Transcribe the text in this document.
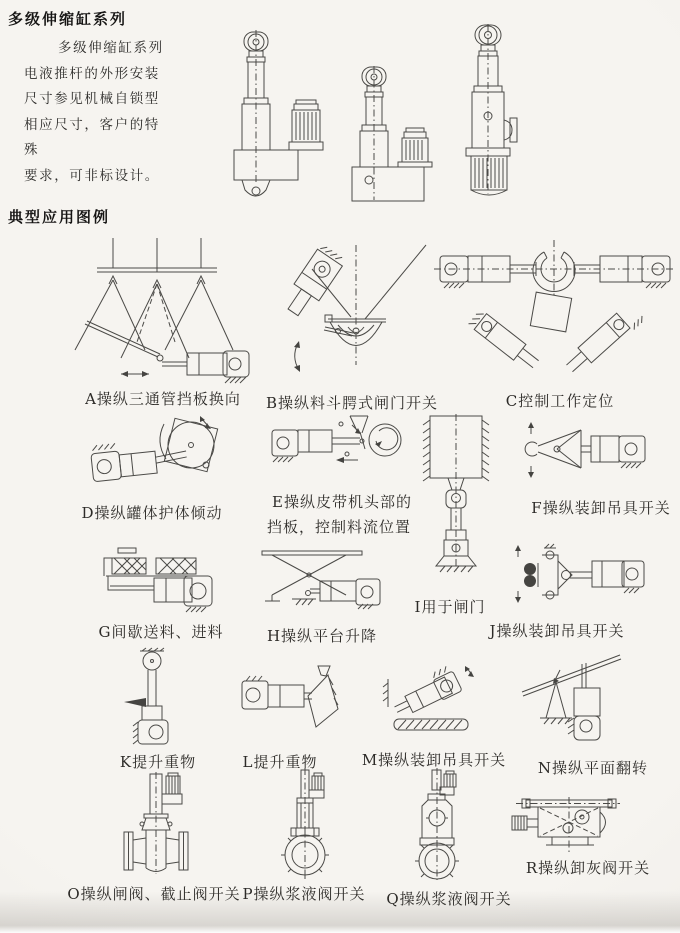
多级伸缩缸系列
多级伸缩缸系列
电液推杆的外形安装
尺寸参见机械自锁型
相应尺寸，客户的特殊
要求，可非标设计。
典型应用图例
A操纵三通管挡板换向 B操纵料斗腭式闸门开关	C控制工作定位
D操纵罐体护体倾动
E操纵皮带机头部的
挡板，控制料流位置
F操纵装卸吊具开关
G间歇送料、进料	H操纵平台升降
I用于闸门
J操纵装卸吊具开关
K提升重物	L提升重物	M操纵装卸吊具开关 N操纵平面翻转
O操纵闸阀、截止阀开关 P操纵浆液阀开关 Q操纵浆液阀开关
R操纵卸灰阀开关
